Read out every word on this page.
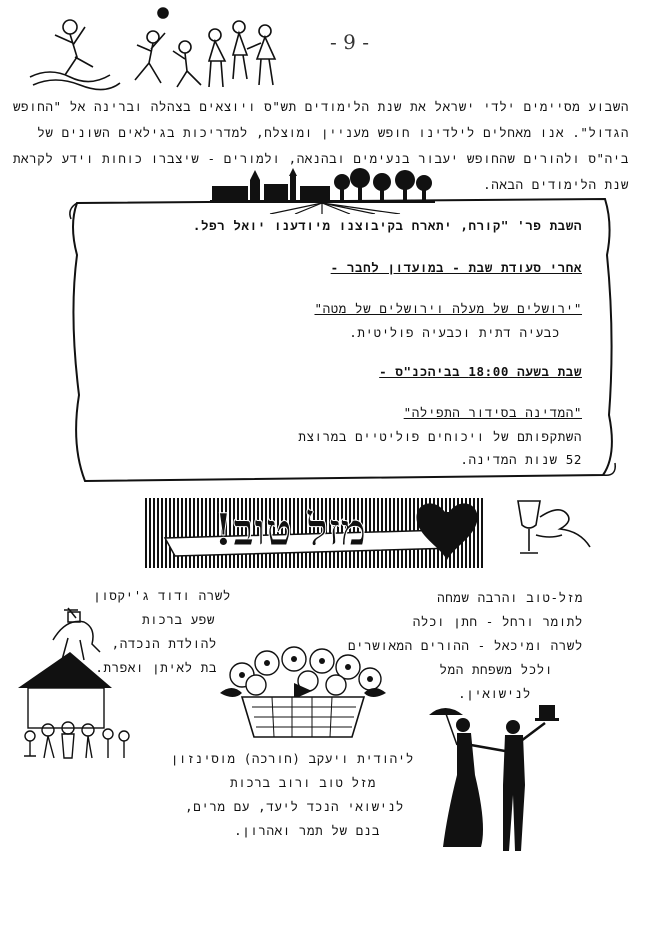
- 9 -

השבוע מסיימים ילדי ישראל את שנת הלימודים תש"ס ויוצאים בצהלה וברינה אל "החופש

הגדול". אנו מאחלים לילדינו חופש מעניין ומוצלח, למדריכות בגילאים השונים של

ביה"ס ולהורים שהחופש יעבור בנעימים ובהנאה, ולמורים - שיצברו כוחות וידע לקראת

שנת הלימודים הבאה.

השבת פר' "קורח, יתארח בקיבוצנו מיודענו יואל רפל.
אחרי סעודת שבת - במועדון לחבר -
"ירושלים של מעלה וירושלים של מטה"
כבעיה דתית וכבעיה פוליטית.
שבת בשעה 18:00 בביהכנ"ס -
"המדינה בסידור התפילה"
השתקפותם של ויכוחים פוליטיים במרוצת
52 שנות המדינה.
מזל טוב!
לשרה ודוד ג'יקסון
שפע ברכות
להולדת הנכדה,
בת לאיתן ואפרת.
מזל-טוב והרבה שמחה
לתומר ורחל - חתן וכלה
לשרה ומיכאל - ההורים המאושרים
ולכל משפחת המל
לנישואין.
ליהודית ויעקב (חורכה) מוסינזון
מזל טוב ורוב ברכות
לנישואי הנכד ליעד, עם מרים,
בנם של תמר ואהרון.
